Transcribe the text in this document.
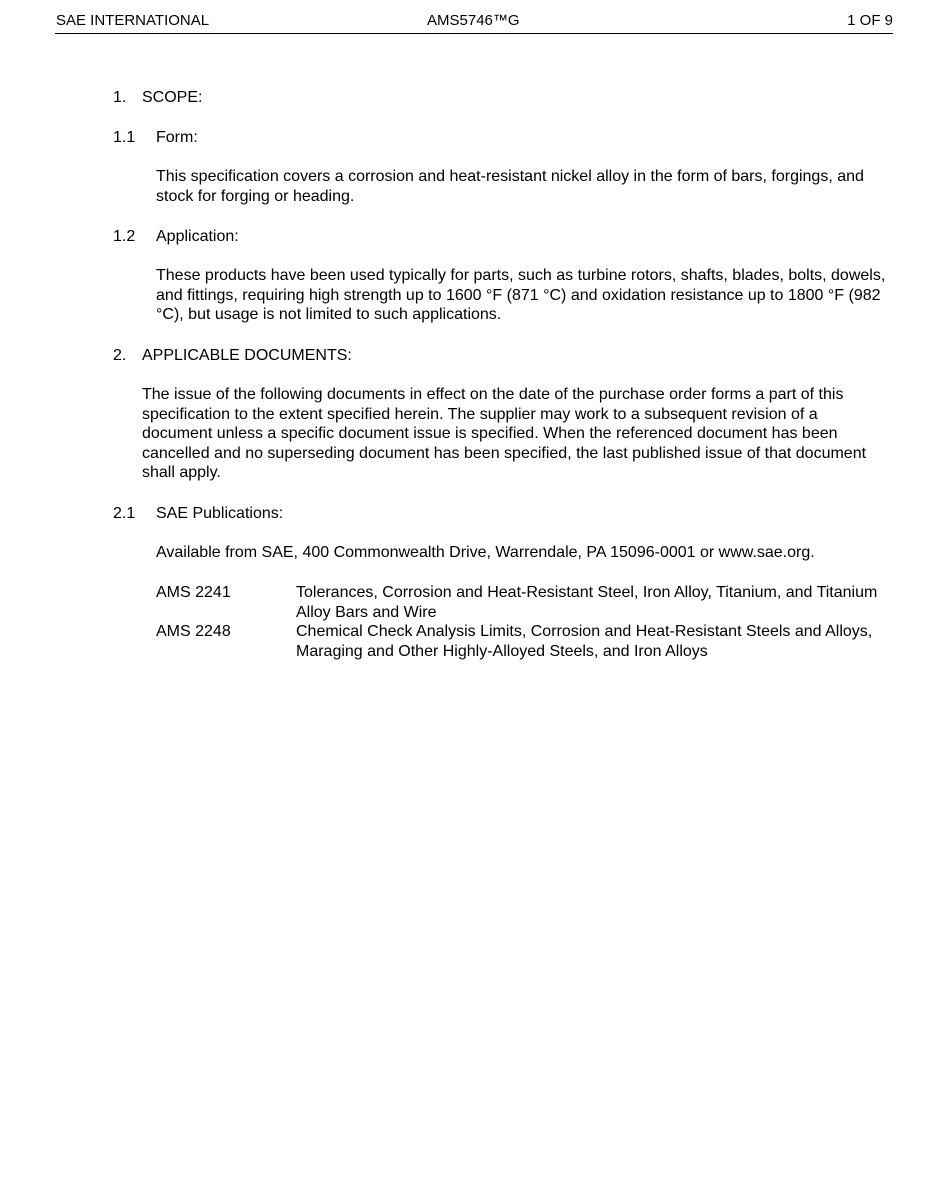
SAE INTERNATIONAL	AMS5746™G	1 OF 9
1. SCOPE:
1.1 Form:

This specification covers a corrosion and heat-resistant nickel alloy in the form of bars, forgings, and stock for forging or heading.

1.2 Application:

These products have been used typically for parts, such as turbine rotors, shafts, blades, bolts, dowels, and fittings, requiring high strength up to 1600 °F (871 °C) and oxidation resistance up to 1800 °F (982 °C), but usage is not limited to such applications.

2. APPLICABLE DOCUMENTS:

The issue of the following documents in effect on the date of the purchase order forms a part of this specification to the extent specified herein. The supplier may work to a subsequent revision of a document unless a specific document issue is specified. When the referenced document has been cancelled and no superseding document has been specified, the last published issue of that document shall apply.

2.1 SAE Publications:

Available from SAE, 400 Commonwealth Drive, Warrendale, PA 15096-0001 or www.sae.org.

AMS 2241	Tolerances, Corrosion and Heat-Resistant Steel, Iron Alloy, Titanium, and Titanium Alloy Bars and Wire
AMS 2248	Chemical Check Analysis Limits, Corrosion and Heat-Resistant Steels and Alloys, Maraging and Other Highly-Alloyed Steels, and Iron Alloys
